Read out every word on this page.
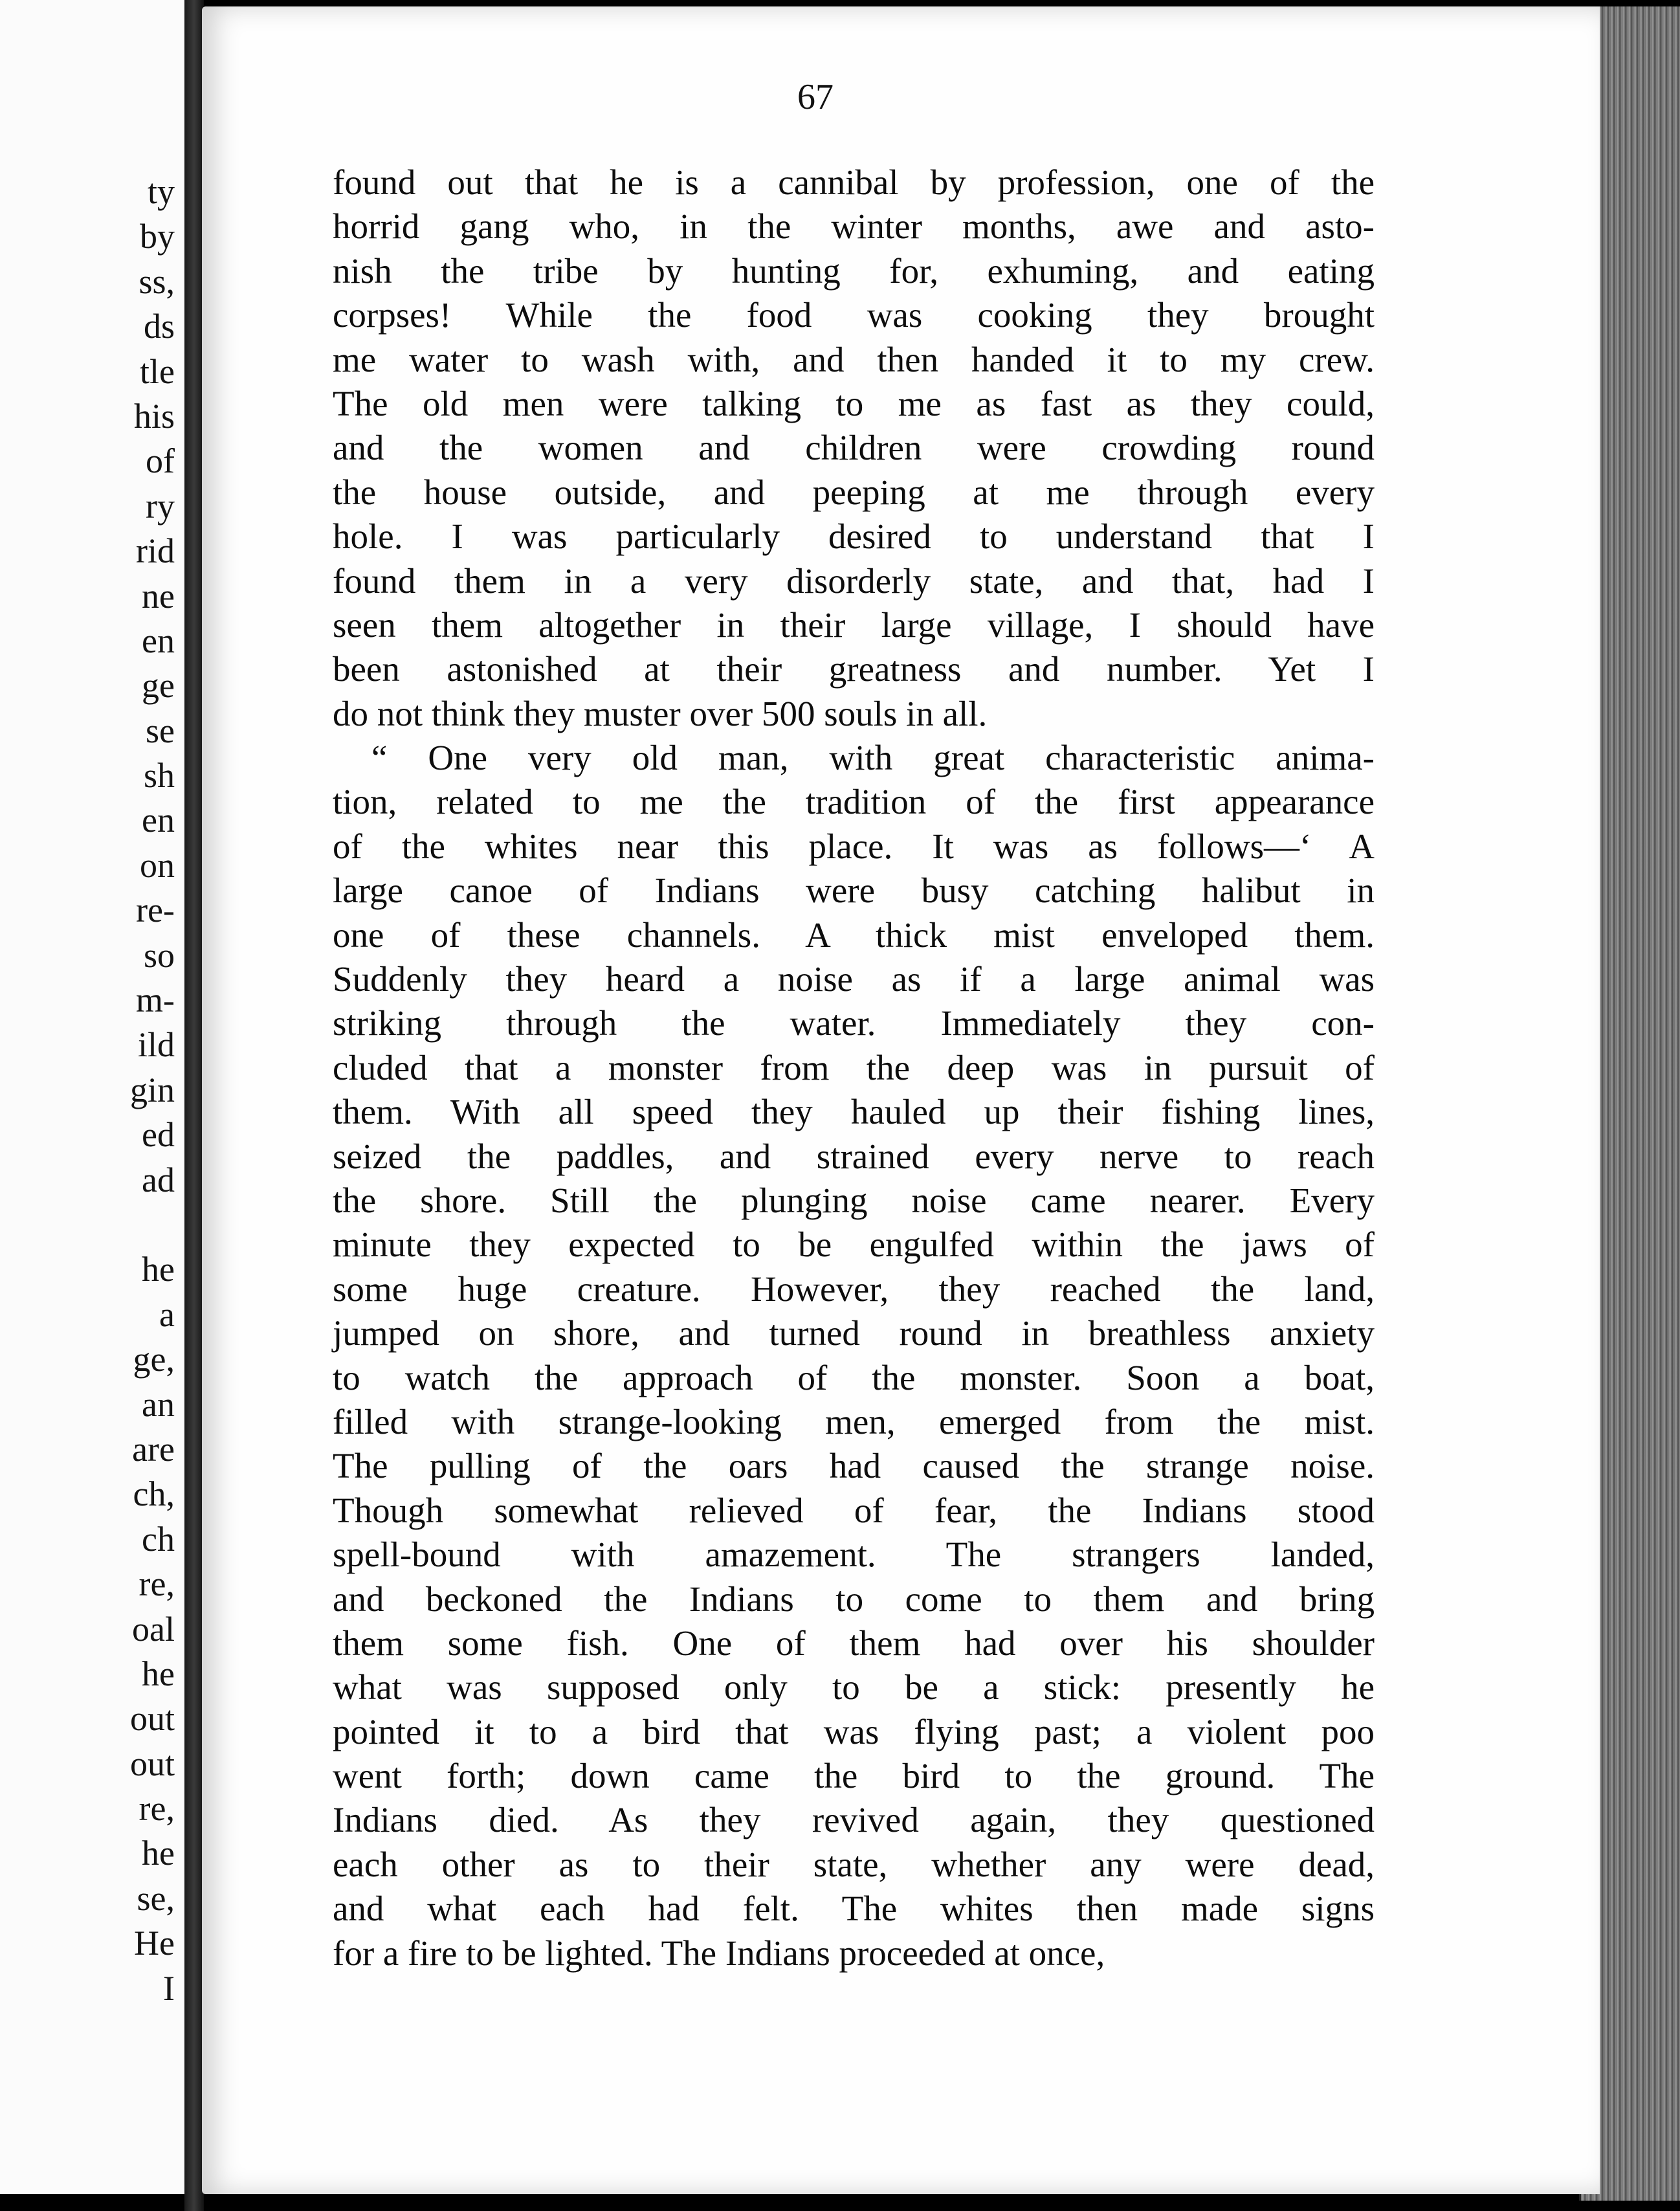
ty
by
ss,
ds
tle
his
of
ry
rid
ne
en
ge
se
sh
en
on
re-
so
m-
ild
gin
ed
ad
he
a
ge,
an
are
ch,
ch
re,
oal
he
out
out
re,
he
se,
He
I

67

found out that he is a cannibal by profession, one of the
horrid gang who, in the winter months, awe and asto-
nish the tribe by hunting for, exhuming, and eating
corpses! While the food was cooking they brought
me water to wash with, and then handed it to my crew.
The old men were talking to me as fast as they could,
and the women and children were crowding round
the house outside, and peeping at me through every
hole. I was particularly desired to understand that I
found them in a very disorderly state, and that, had I
seen them altogether in their large village, I should have
been astonished at their greatness and number. Yet I
do not think they muster over 500 souls in all.
“ One very old man, with great characteristic anima-
tion, related to me the tradition of the first appearance
of the whites near this place. It was as follows—‘ A
large canoe of Indians were busy catching halibut in
one of these channels. A thick mist enveloped them.
Suddenly they heard a noise as if a large animal was
striking through the water. Immediately they con-
cluded that a monster from the deep was in pursuit of
them. With all speed they hauled up their fishing lines,
seized the paddles, and strained every nerve to reach
the shore. Still the plunging noise came nearer. Every
minute they expected to be engulfed within the jaws of
some huge creature. However, they reached the land,
jumped on shore, and turned round in breathless anxiety
to watch the approach of the monster. Soon a boat,
filled with strange-looking men, emerged from the mist.
The pulling of the oars had caused the strange noise.
Though somewhat relieved of fear, the Indians stood
spell-bound with amazement. The strangers landed,
and beckoned the Indians to come to them and bring
them some fish. One of them had over his shoulder
what was supposed only to be a stick: presently he
pointed it to a bird that was flying past; a violent poo
went forth; down came the bird to the ground. The
Indians died. As they revived again, they questioned
each other as to their state, whether any were dead,
and what each had felt. The whites then made signs
for a fire to be lighted. The Indians proceeded at once,
